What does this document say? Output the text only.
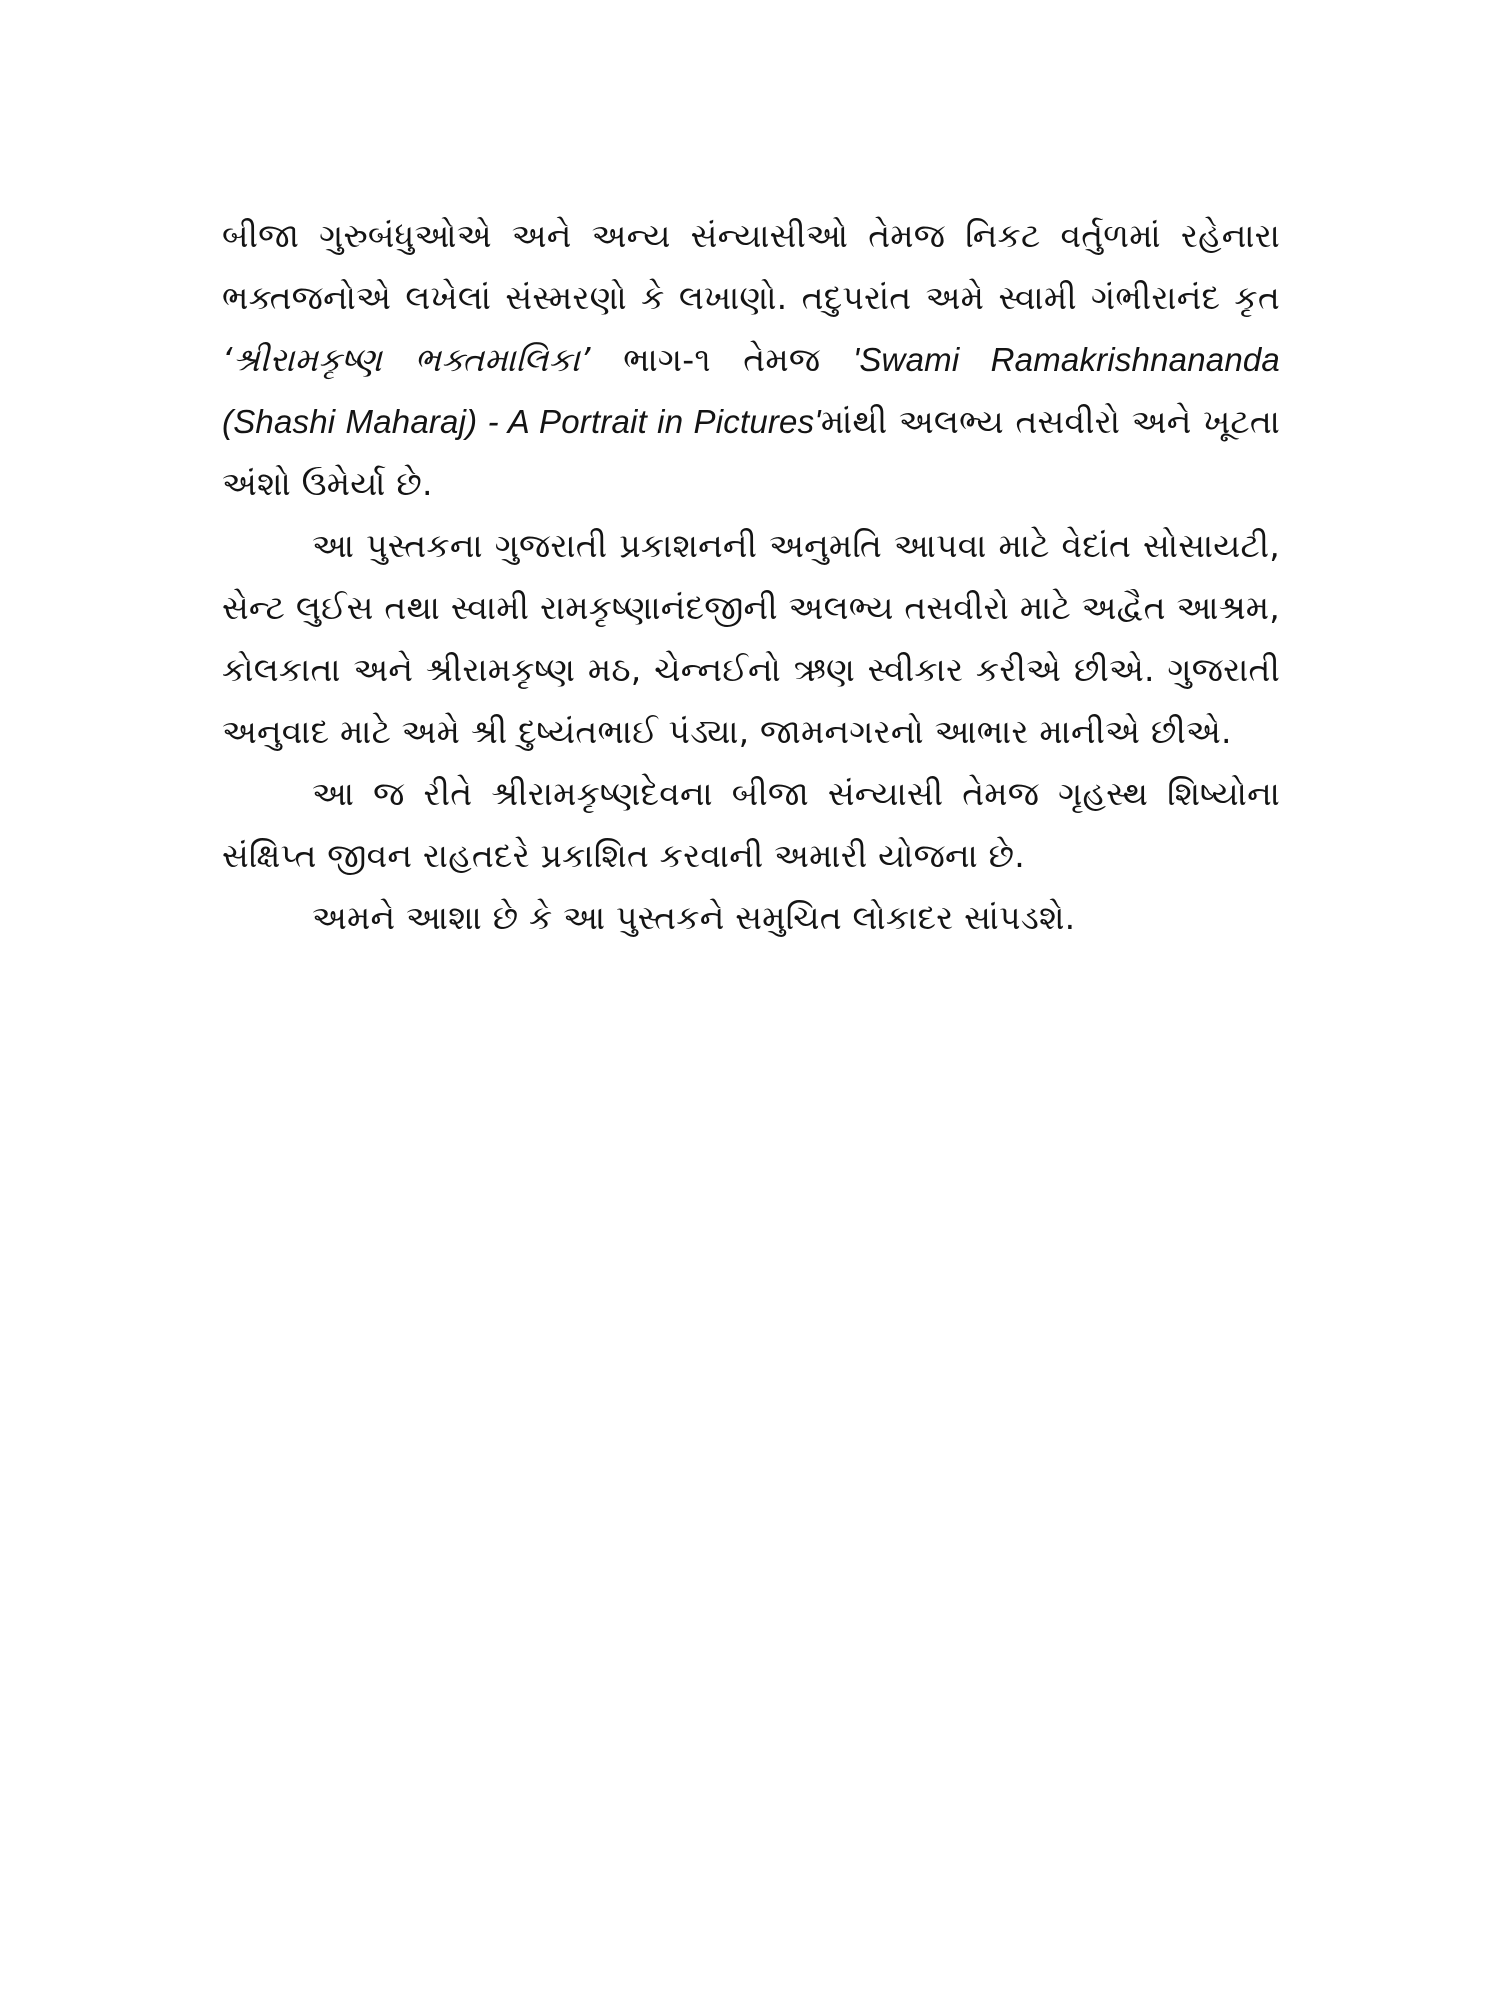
બીજા ગુરુબંધુઓએ અને અન્ય સંન્યાસીઓ તેમજ નિકટ વર્તુળમાં રહેનારા ભક્તજનોએ લખેલાં સંસ્મરણો કે લખાણો. તદુપરાંત અમે સ્વામી ગંભીરાનંદ કૃત ‘શ્રીરામકૃષ્ણ ભક્તમાલિકા’ ભાગ-૧ તેમજ 'Swami Ramakrishnananda (Shashi Maharaj) - A Portrait in Pictures'માંથી અલભ્ય તસવીરો અને ખૂટતા અંશો ઉમેર્યા છે.

આ પુસ્તકના ગુજરાતી પ્રકાશનની અનુમતિ આપવા માટે વેદાંત સોસાયટી, સેન્ટ લુઈસ તથા સ્વામી રામકૃષ્ણાનંદજીની અલભ્ય તસવીરો માટે અદ્વૈત આશ્રમ, કોલકાતા અને શ્રીરામકૃષ્ણ મઠ, ચેન્નઈનો ઋણ સ્વીકાર કરીએ છીએ. ગુજરાતી અનુવાદ માટે અમે શ્રી દુષ્યંતભાઈ પંડ્યા, જામનગરનો આભાર માનીએ છીએ.

આ જ રીતે શ્રીરામકૃષ્ણદેવના બીજા સંન્યાસી તેમજ ગૃહસ્થ શિષ્યોના સંક્ષિપ્ત જીવન રાહતદરે પ્રકાશિત કરવાની અમારી યોજના છે.

અમને આશા છે કે આ પુસ્તકને સમુચિત લોકાદર સાંપડશે.
